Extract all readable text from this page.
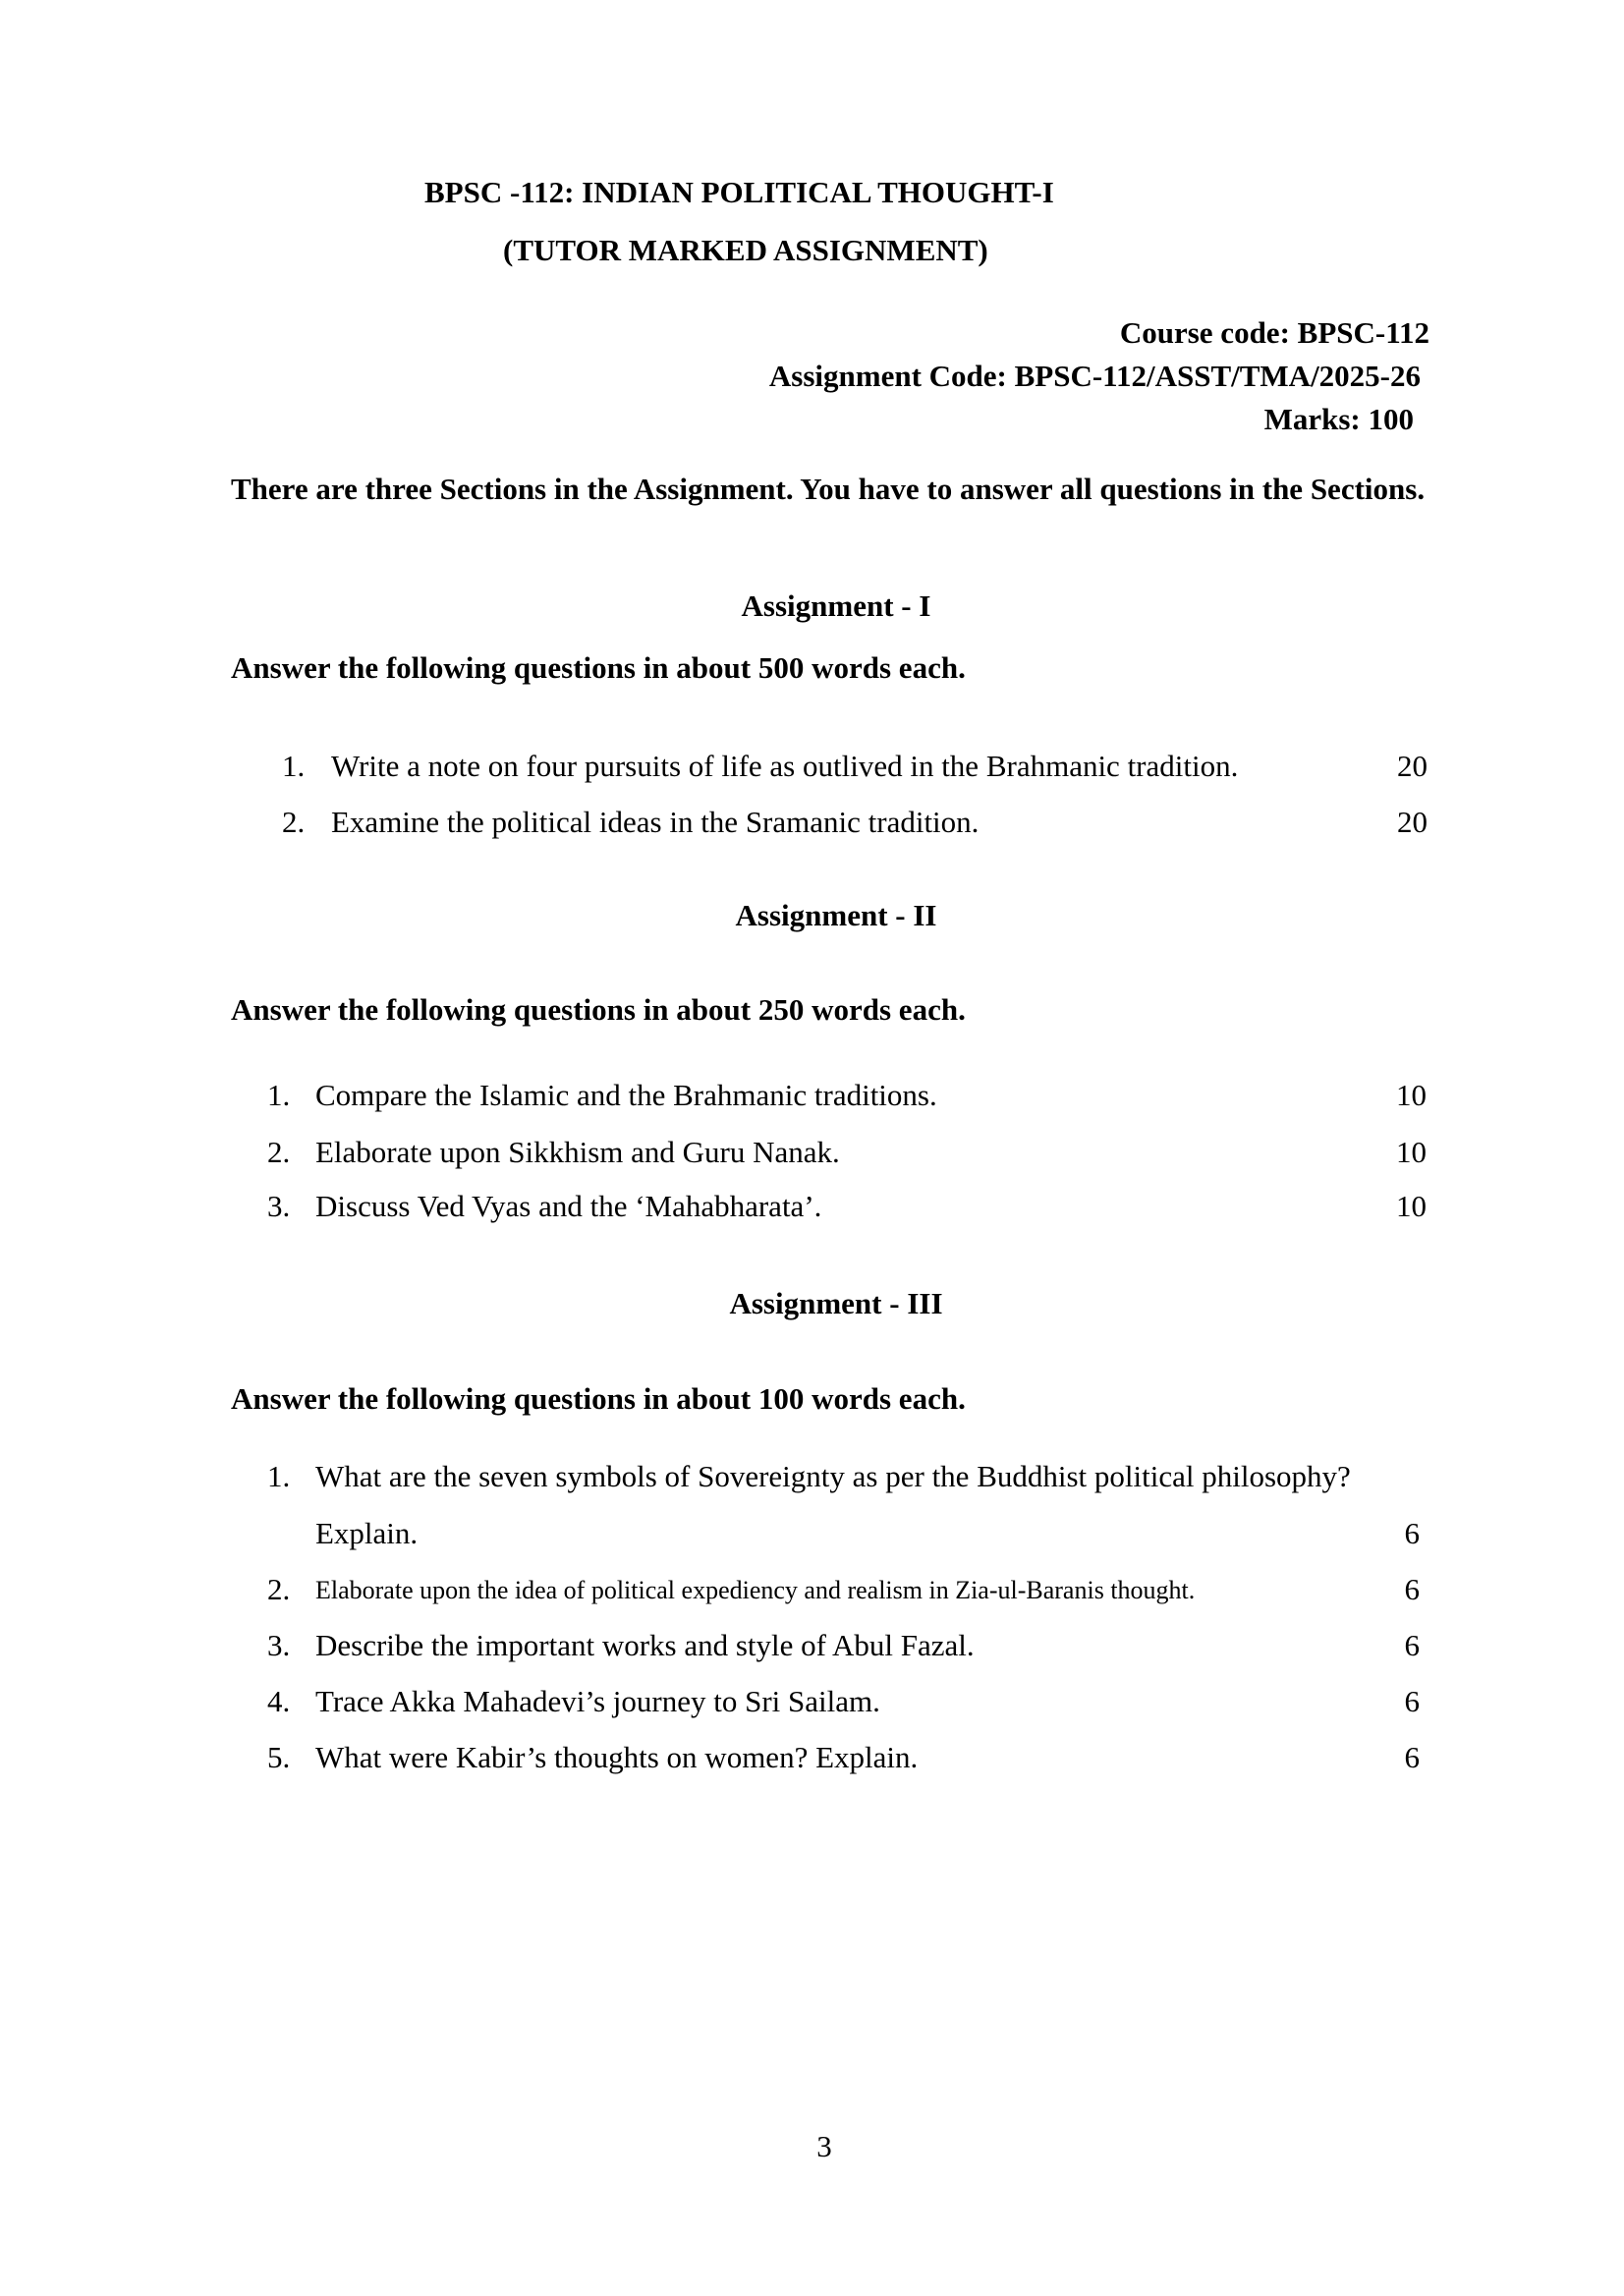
BPSC -112: INDIAN POLITICAL THOUGHT-I
(TUTOR MARKED ASSIGNMENT)
Course code: BPSC-112
Assignment Code: BPSC-112/ASST/TMA/2025-26
Marks: 100
There are three Sections in the Assignment. You have to answer all questions in the Sections.
Assignment - I
Answer the following questions in about 500 words each.
1. Write a note on four pursuits of life as outlived in the Brahmanic tradition.	20
2. Examine the political ideas in the Sramanic tradition.	20
Assignment - II
Answer the following questions in about 250 words each.
1. Compare the Islamic and the Brahmanic traditions.	10
2. Elaborate upon Sikkhism and Guru Nanak.	10
3. Discuss Ved Vyas and the ‘Mahabharata’.	10
Assignment - III
Answer the following questions in about 100 words each.
1. What are the seven symbols of Sovereignty as per the Buddhist political philosophy?
Explain.	6
2. Elaborate upon the idea of political expediency and realism in Zia-ul-Baranis thought.	6
3. Describe the important works and style of Abul Fazal.	6
4. Trace Akka Mahadevi’s journey to Sri Sailam.	6
5. What were Kabir’s thoughts on women? Explain.	6
3
